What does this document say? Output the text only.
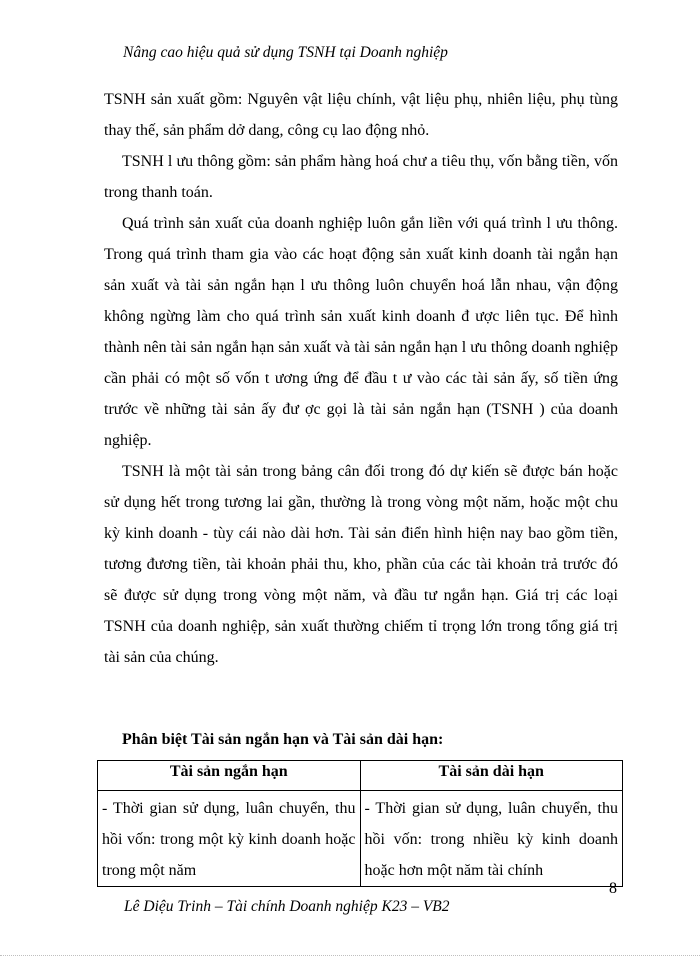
Nâng cao hiệu quả sử dụng TSNH tại Doanh nghiệp

TSNH sản xuất gồm: Nguyên vật liệu chính, vật liệu phụ, nhiên liệu, phụ tùng thay thế, sản phẩm dở dang, công cụ lao động nhỏ.

TSNH l ưu thông gồm: sản phẩm hàng hoá chư a tiêu thụ, vốn bằng tiền, vốn trong thanh toán.

Quá trình sản xuất của doanh nghiệp luôn gắn liền với quá trình l ưu thông. Trong quá trình tham gia vào các hoạt động sản xuất kinh doanh tài ngắn hạn sản xuất và tài sản ngắn hạn l ưu thông luôn chuyển hoá lẫn nhau, vận động không ngừng làm cho quá trình sản xuất kinh doanh đ ược liên tục. Để hình thành nên tài sản ngắn hạn sản xuất và tài sản ngắn hạn l ưu thông doanh nghiệp cần phải có một số vốn t ương ứng để đầu t ư vào các tài sản ấy, số tiền ứng trước về những tài sản ấy đư ợc gọi là tài sản ngắn hạn (TSNH ) của doanh nghiệp.

TSNH là một tài sản trong bảng cân đối trong đó dự kiến sẽ được bán hoặc sử dụng hết trong tương lai gần, thường là trong vòng một năm, hoặc một chu kỳ kinh doanh - tùy cái nào dài hơn. Tài sản điển hình hiện nay bao gồm tiền, tương đương tiền, tài khoản phải thu, kho, phần của các tài khoản trả trước đó sẽ được sử dụng trong vòng một năm, và đầu tư ngắn hạn. Giá trị các loại TSNH của doanh nghiệp, sản xuất thường chiếm tỉ trọng lớn trong tổng giá trị tài sản của chúng.

Phân biệt Tài sản ngắn hạn và Tài sản dài hạn:
Tài sản ngắn hạn	Tài sản dài hạn
- Thời gian sử dụng, luân chuyển, thu hồi vốn: trong một kỳ kinh doanh hoặc trong một năm	- Thời gian sử dụng, luân chuyển, thu hồi vốn: trong nhiều kỳ kinh doanh hoặc hơn một năm tài chính
8
Lê Diệu Trinh – Tài chính Doanh nghiệp K23 – VB2
